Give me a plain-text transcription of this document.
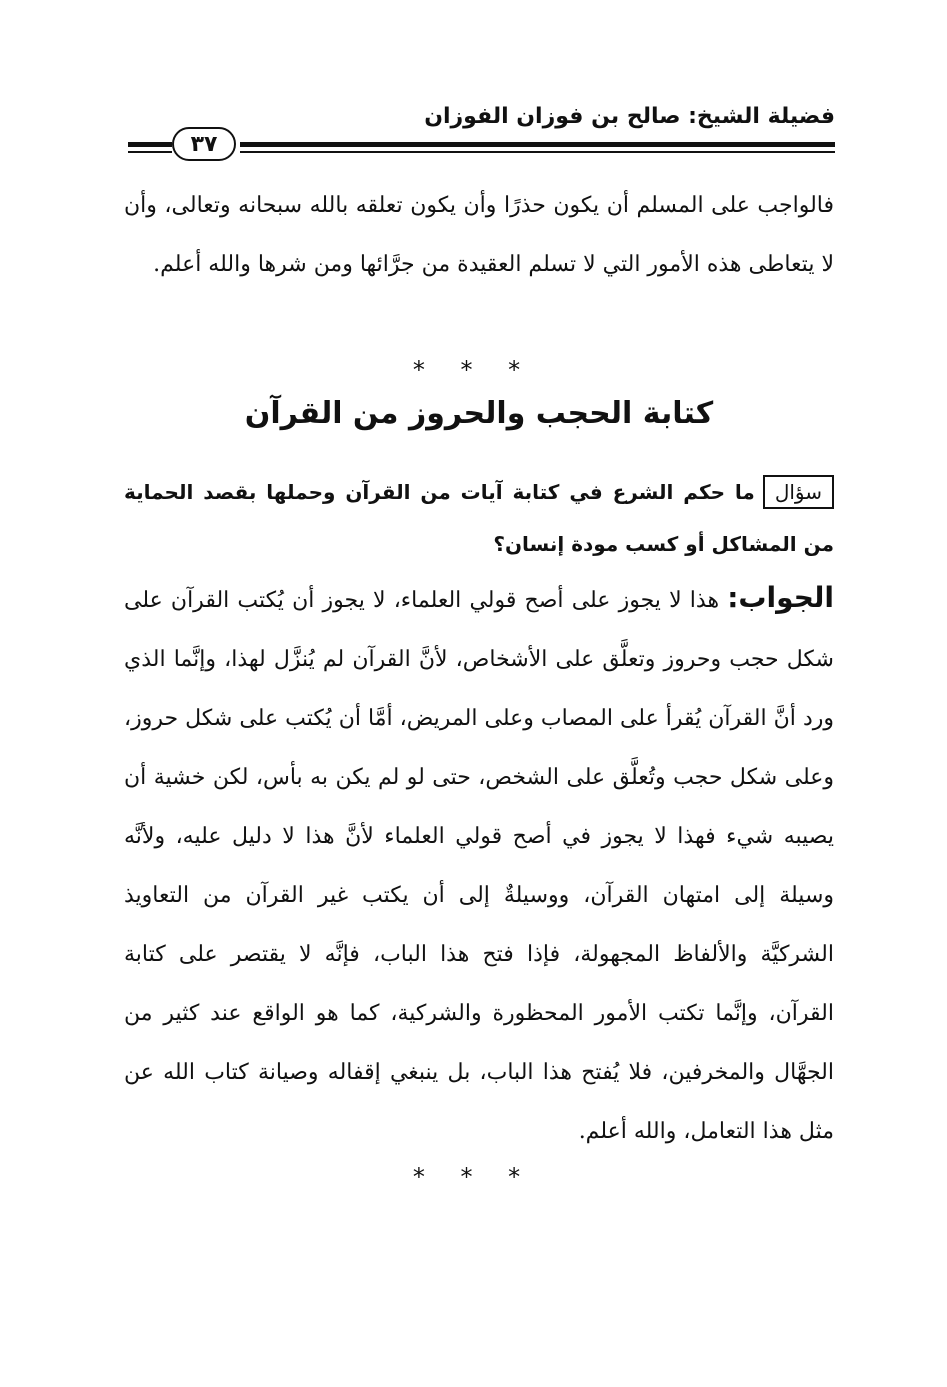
فضيلة الشيخ: صالح بن فوزان الفوزان
٣٧
فالواجب على المسلم أن يكون حذرًا وأن يكون تعلقه بالله سبحانه وتعالى، وأن لا يتعاطى هذه الأمور التي لا تسلم العقيدة من جرَّائها ومن شرها والله أعلم.
* * *
كتابة الحجب والحروز من القرآن
سؤالما حكم الشرع في كتابة آيات من القرآن وحملها بقصد الحماية من المشاكل أو كسب مودة إنسان؟
الجواب: هذا لا يجوز على أصح قولي العلماء، لا يجوز أن يُكتب القرآن على شكل حجب وحروز وتعلَّق على الأشخاص، لأنَّ القرآن لم يُنزَّل لهذا، وإنَّما الذي ورد أنَّ القرآن يُقرأ على المصاب وعلى المريض، أمَّا أن يُكتب على شكل حروز، وعلى شكل حجب وتُعلَّق على الشخص، حتى لو لم يكن به بأس، لكن خشية أن يصيبه شيء فهذا لا يجوز في أصح قولي العلماء لأنَّ هذا لا دليل عليه، ولأنَّه وسيلة إلى امتهان القرآن، ووسيلةٌ إلى أن يكتب غير القرآن من التعاويذ الشركيَّة والألفاظ المجهولة، فإذا فتح هذا الباب، فإنَّه لا يقتصر على كتابة القرآن، وإنَّما تكتب الأمور المحظورة والشركية، كما هو الواقع عند كثير من الجهَّال والمخرفين، فلا يُفتح هذا الباب، بل ينبغي إقفاله وصيانة كتاب الله عن مثل هذا التعامل، والله أعلم.
* * *
